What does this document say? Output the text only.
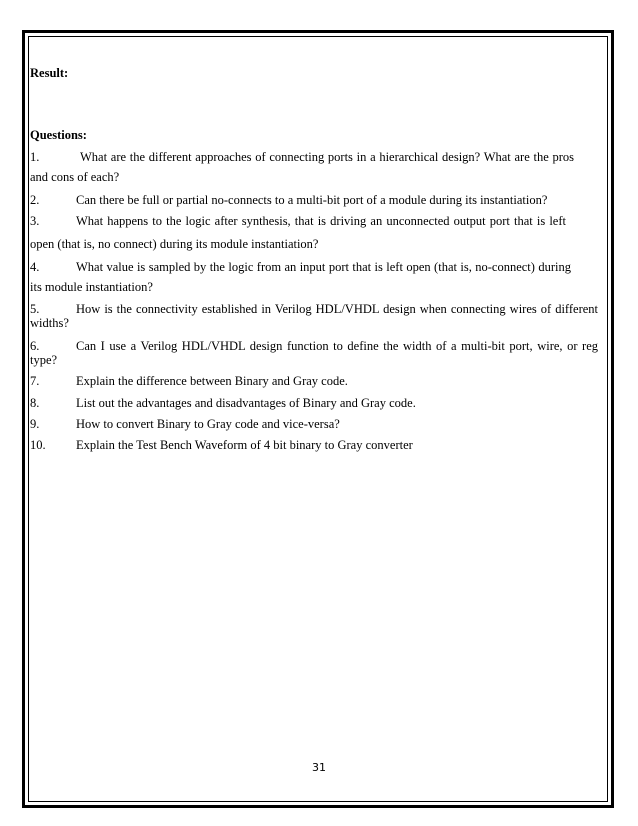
Result:
Questions:
1.	What are the different approaches of connecting ports in a hierarchical design? What are the pros
and cons of each?
2.	Can there be full or partial no-connects to a multi-bit port of a module during its instantiation?
3.	What happens to the logic after synthesis, that is driving an unconnected output port that is left
open (that is, no connect) during its module instantiation?
4.	What value is sampled by the logic from an input port that is left open (that is, no-connect) during
its module instantiation?
5.	How is the connectivity established in Verilog HDL/VHDL design when connecting wires of different
widths?
6.	Can I use a Verilog HDL/VHDL design function to define the width of a multi-bit port, wire, or reg
type?
7.	Explain the difference between Binary and Gray code.
8.	List out the advantages and disadvantages of Binary and Gray code.
9.	How to convert Binary to Gray code and vice-versa?
10. Explain the Test Bench Waveform of 4 bit binary to Gray converter
31
